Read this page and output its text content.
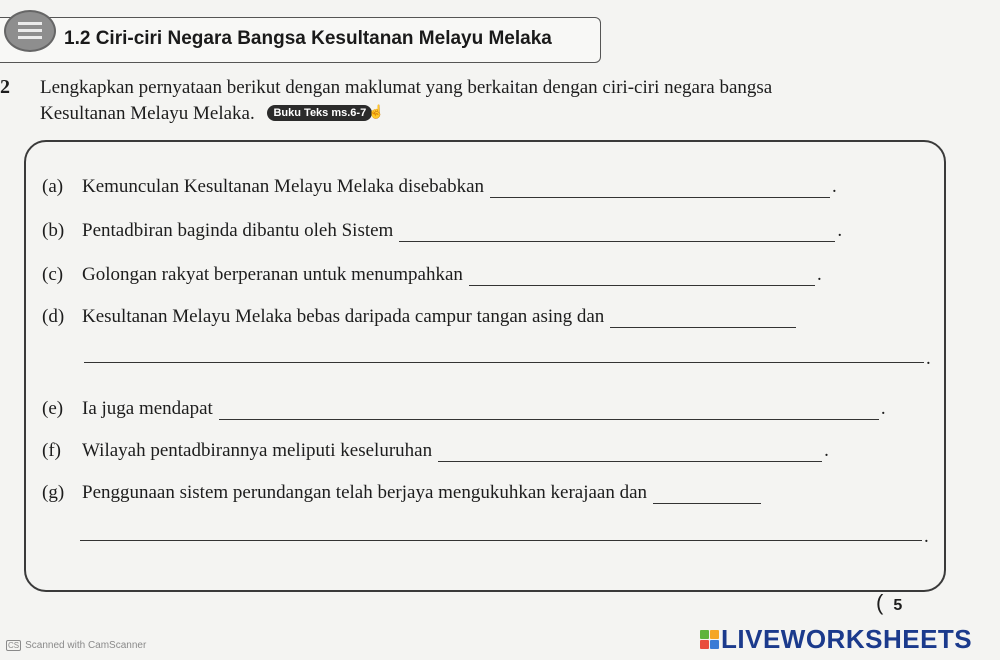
1.2 Ciri-ciri Negara Bangsa Kesultanan Melayu Melaka
2 Lengkapkan pernyataan berikut dengan maklumat yang berkaitan dengan ciri-ciri negara bangsa
Kesultanan Melayu Melaka. Buku Teks ms.6-7 ☝
(a) Kemunculan Kesultanan Melayu Melaka disebabkan	.
(b) Pentadbiran baginda dibantu oleh Sistem	.
(c) Golongan rakyat berperanan untuk menumpahkan	.
(d) Kesultanan Melayu Melaka bebas daripada campur tangan asing dan
.
(e) Ia juga mendapat	.
(f)	Wilayah pentadbirannya meliputi keseluruhan	.
(g) Penggunaan sistem perundangan telah berjaya mengukuhkan kerajaan dan
.
( 5
CS Scanned with CamScanner	LIVEWORKSHEETS
